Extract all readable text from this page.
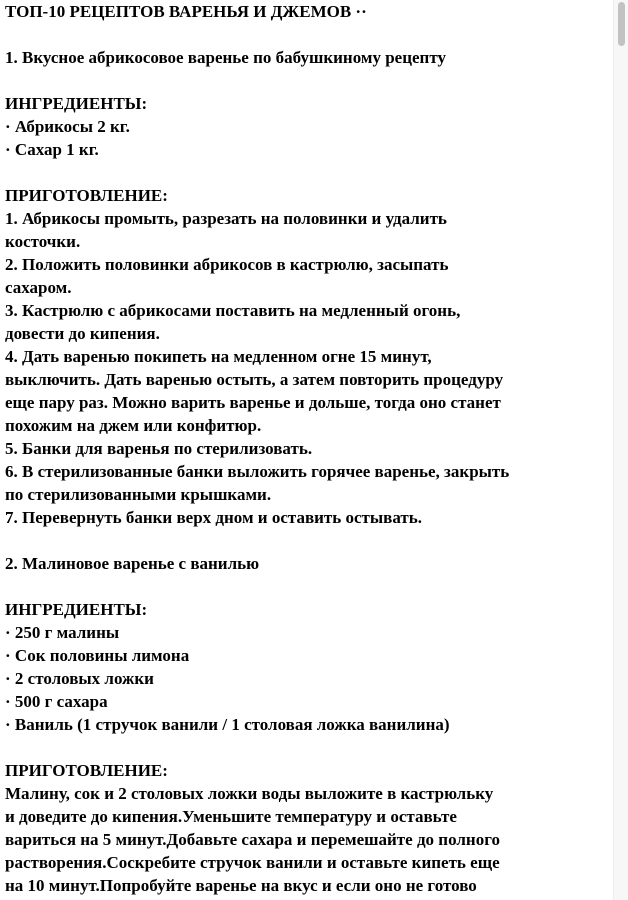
ТОП-10 РЕЦЕПТОВ ВАРЕНЬЯ И ДЖЕМОВ ··
1. Вкусное абрикосовое варенье по бабушкиному рецепту
ИНГРЕДИЕНТЫ:
· Абрикосы 2 кг.
· Сахар 1 кг.
ПРИГОТОВЛЕНИЕ:
1. Абрикосы промыть, разрезать на половинки и удалить
косточки.
2. Положить половинки абрикосов в кастрюлю, засыпать
сахаром.
3. Кастрюлю с абрикосами поставить на медленный огонь,
довести до кипения.
4. Дать варенью покипеть на медленном огне 15 минут,
выключить. Дать варенью остыть, а затем повторить процедуру
еще пару раз. Можно варить варенье и дольше, тогда оно станет
похожим на джем или конфитюр.
5. Банки для варенья по стерилизовать.
6. В стерилизованные банки выложить горячее варенье, закрыть
по стерилизованными крышками.
7. Перевернуть банки верх дном и оставить остывать.
2. Малиновое варенье с ванилью
ИНГРЕДИЕНТЫ:
· 250 г малины
· Сок половины лимона
· 2 столовых ложки
· 500 г сахара
· Ваниль (1 стручок ванили / 1 столовая ложка ванилина)
ПРИГОТОВЛЕНИЕ:
Малину, сок и 2 столовых ложки воды выложите в кастрюльку
и доведите до кипения.Уменьшите температуру и оставьте
вариться на 5 минут.Добавьте сахара и перемешайте до полного
растворения.Соскребите стручок ванили и оставьте кипеть еще
на 10 минут.Попробуйте варенье на вкус и если оно не готово
